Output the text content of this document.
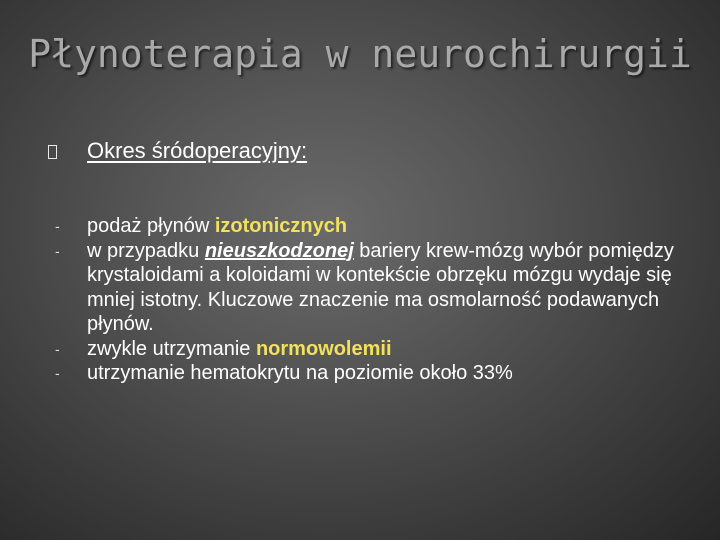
Płynoterapia w neurochirurgii
Okres śródoperacyjny:
- podaż płynów izotonicznych
- w przypadku nieuszkodzonej bariery krew-mózg wybór pomiędzy krystaloidami a koloidami w kontekście obrzęku mózgu wydaje się mniej istotny. Kluczowe znaczenie ma osmolarność podawanych płynów.
- zwykle utrzymanie normowolemii
- utrzymanie hematokrytu na poziomie około 33%
